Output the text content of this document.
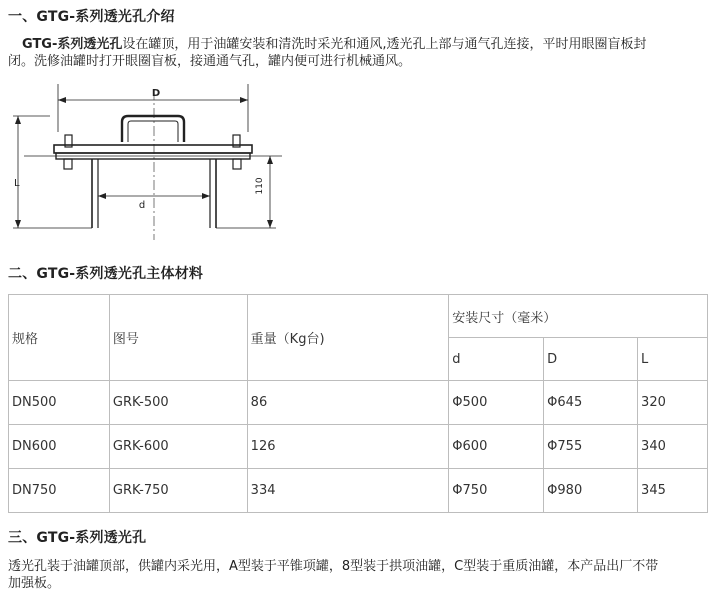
一、GTG-系列透光孔介绍

GTG-系列透光孔设在罐顶，用于油罐安装和清洗时采光和通风,透光孔上部与通气孔连接，平时用眼圈盲板封

闭。洗修油罐时打开眼圈盲板，接通通气孔，罐内便可进行机械通风。

D
d
L	110
二、GTG-系列透光孔主体材料
规格	图号	重量（Kg台)	安装尺寸（毫米）		
			d	D	L
DN500	GRK-500	86	Φ500	Φ645	320
DN600	GRK-600	126	Φ600	Φ755	340
DN750	GRK-750	334	Φ750	Φ980	345
三、GTG-系列透光孔

透光孔装于油罐顶部，供罐内采光用，A型装于平锥项罐，8型装于拱项油罐，C型装于重质油罐，本产品出厂不带

加强板。
